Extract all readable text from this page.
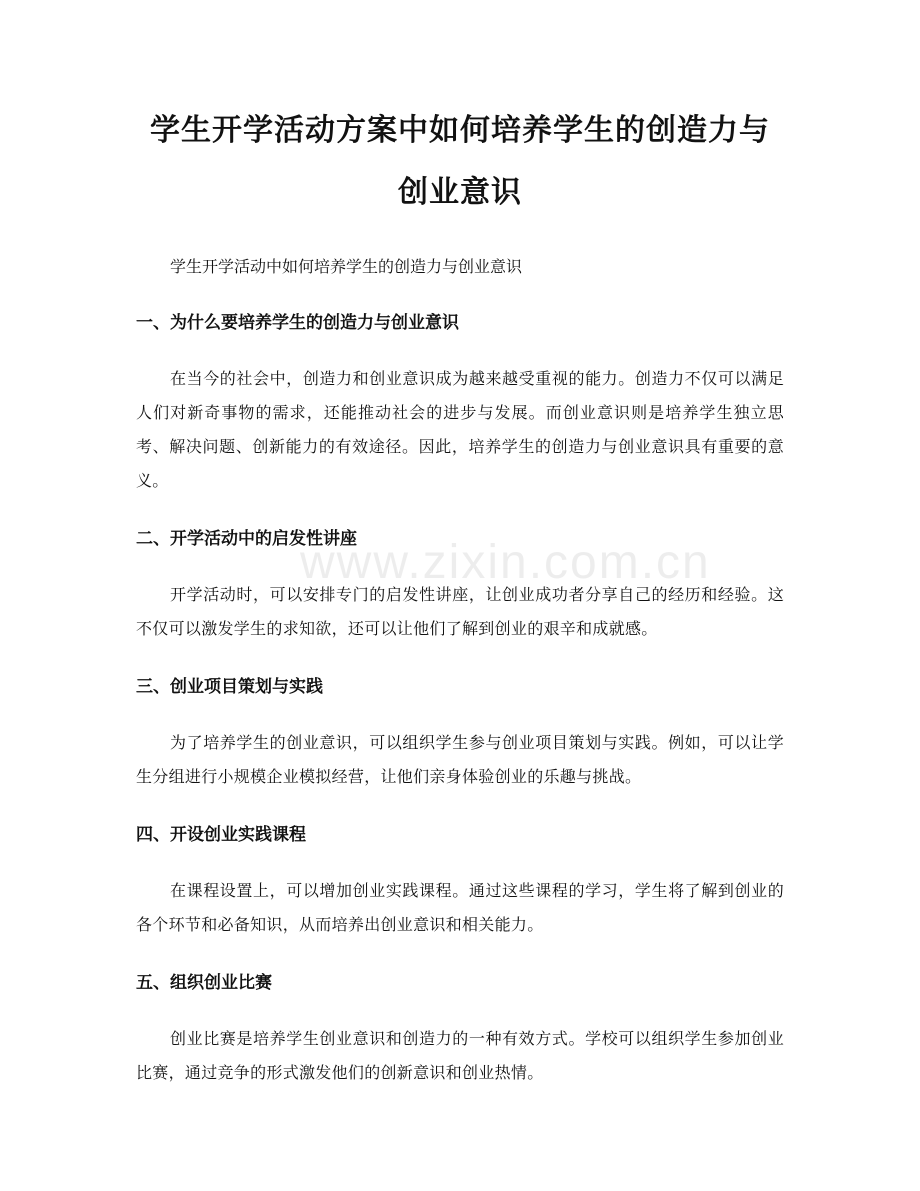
学生开学活动方案中如何培养学生的创造力与创业意识

学生开学活动中如何培养学生的创造力与创业意识

一、为什么要培养学生的创造力与创业意识

在当今的社会中，创造力和创业意识成为越来越受重视的能力。创造力不仅可以满足人们对新奇事物的需求，还能推动社会的进步与发展。而创业意识则是培养学生独立思考、解决问题、创新能力的有效途径。因此，培养学生的创造力与创业意识具有重要的意义。

二、开学活动中的启发性讲座

开学活动时，可以安排专门的启发性讲座，让创业成功者分享自己的经历和经验。这不仅可以激发学生的求知欲，还可以让他们了解到创业的艰辛和成就感。

三、创业项目策划与实践

为了培养学生的创业意识，可以组织学生参与创业项目策划与实践。例如，可以让学生分组进行小规模企业模拟经营，让他们亲身体验创业的乐趣与挑战。

四、开设创业实践课程

在课程设置上，可以增加创业实践课程。通过这些课程的学习，学生将了解到创业的各个环节和必备知识，从而培养出创业意识和相关能力。

五、组织创业比赛

创业比赛是培养学生创业意识和创造力的一种有效方式。学校可以组织学生参加创业比赛，通过竞争的形式激发他们的创新意识和创业热情。

www.zixin.com.cn
